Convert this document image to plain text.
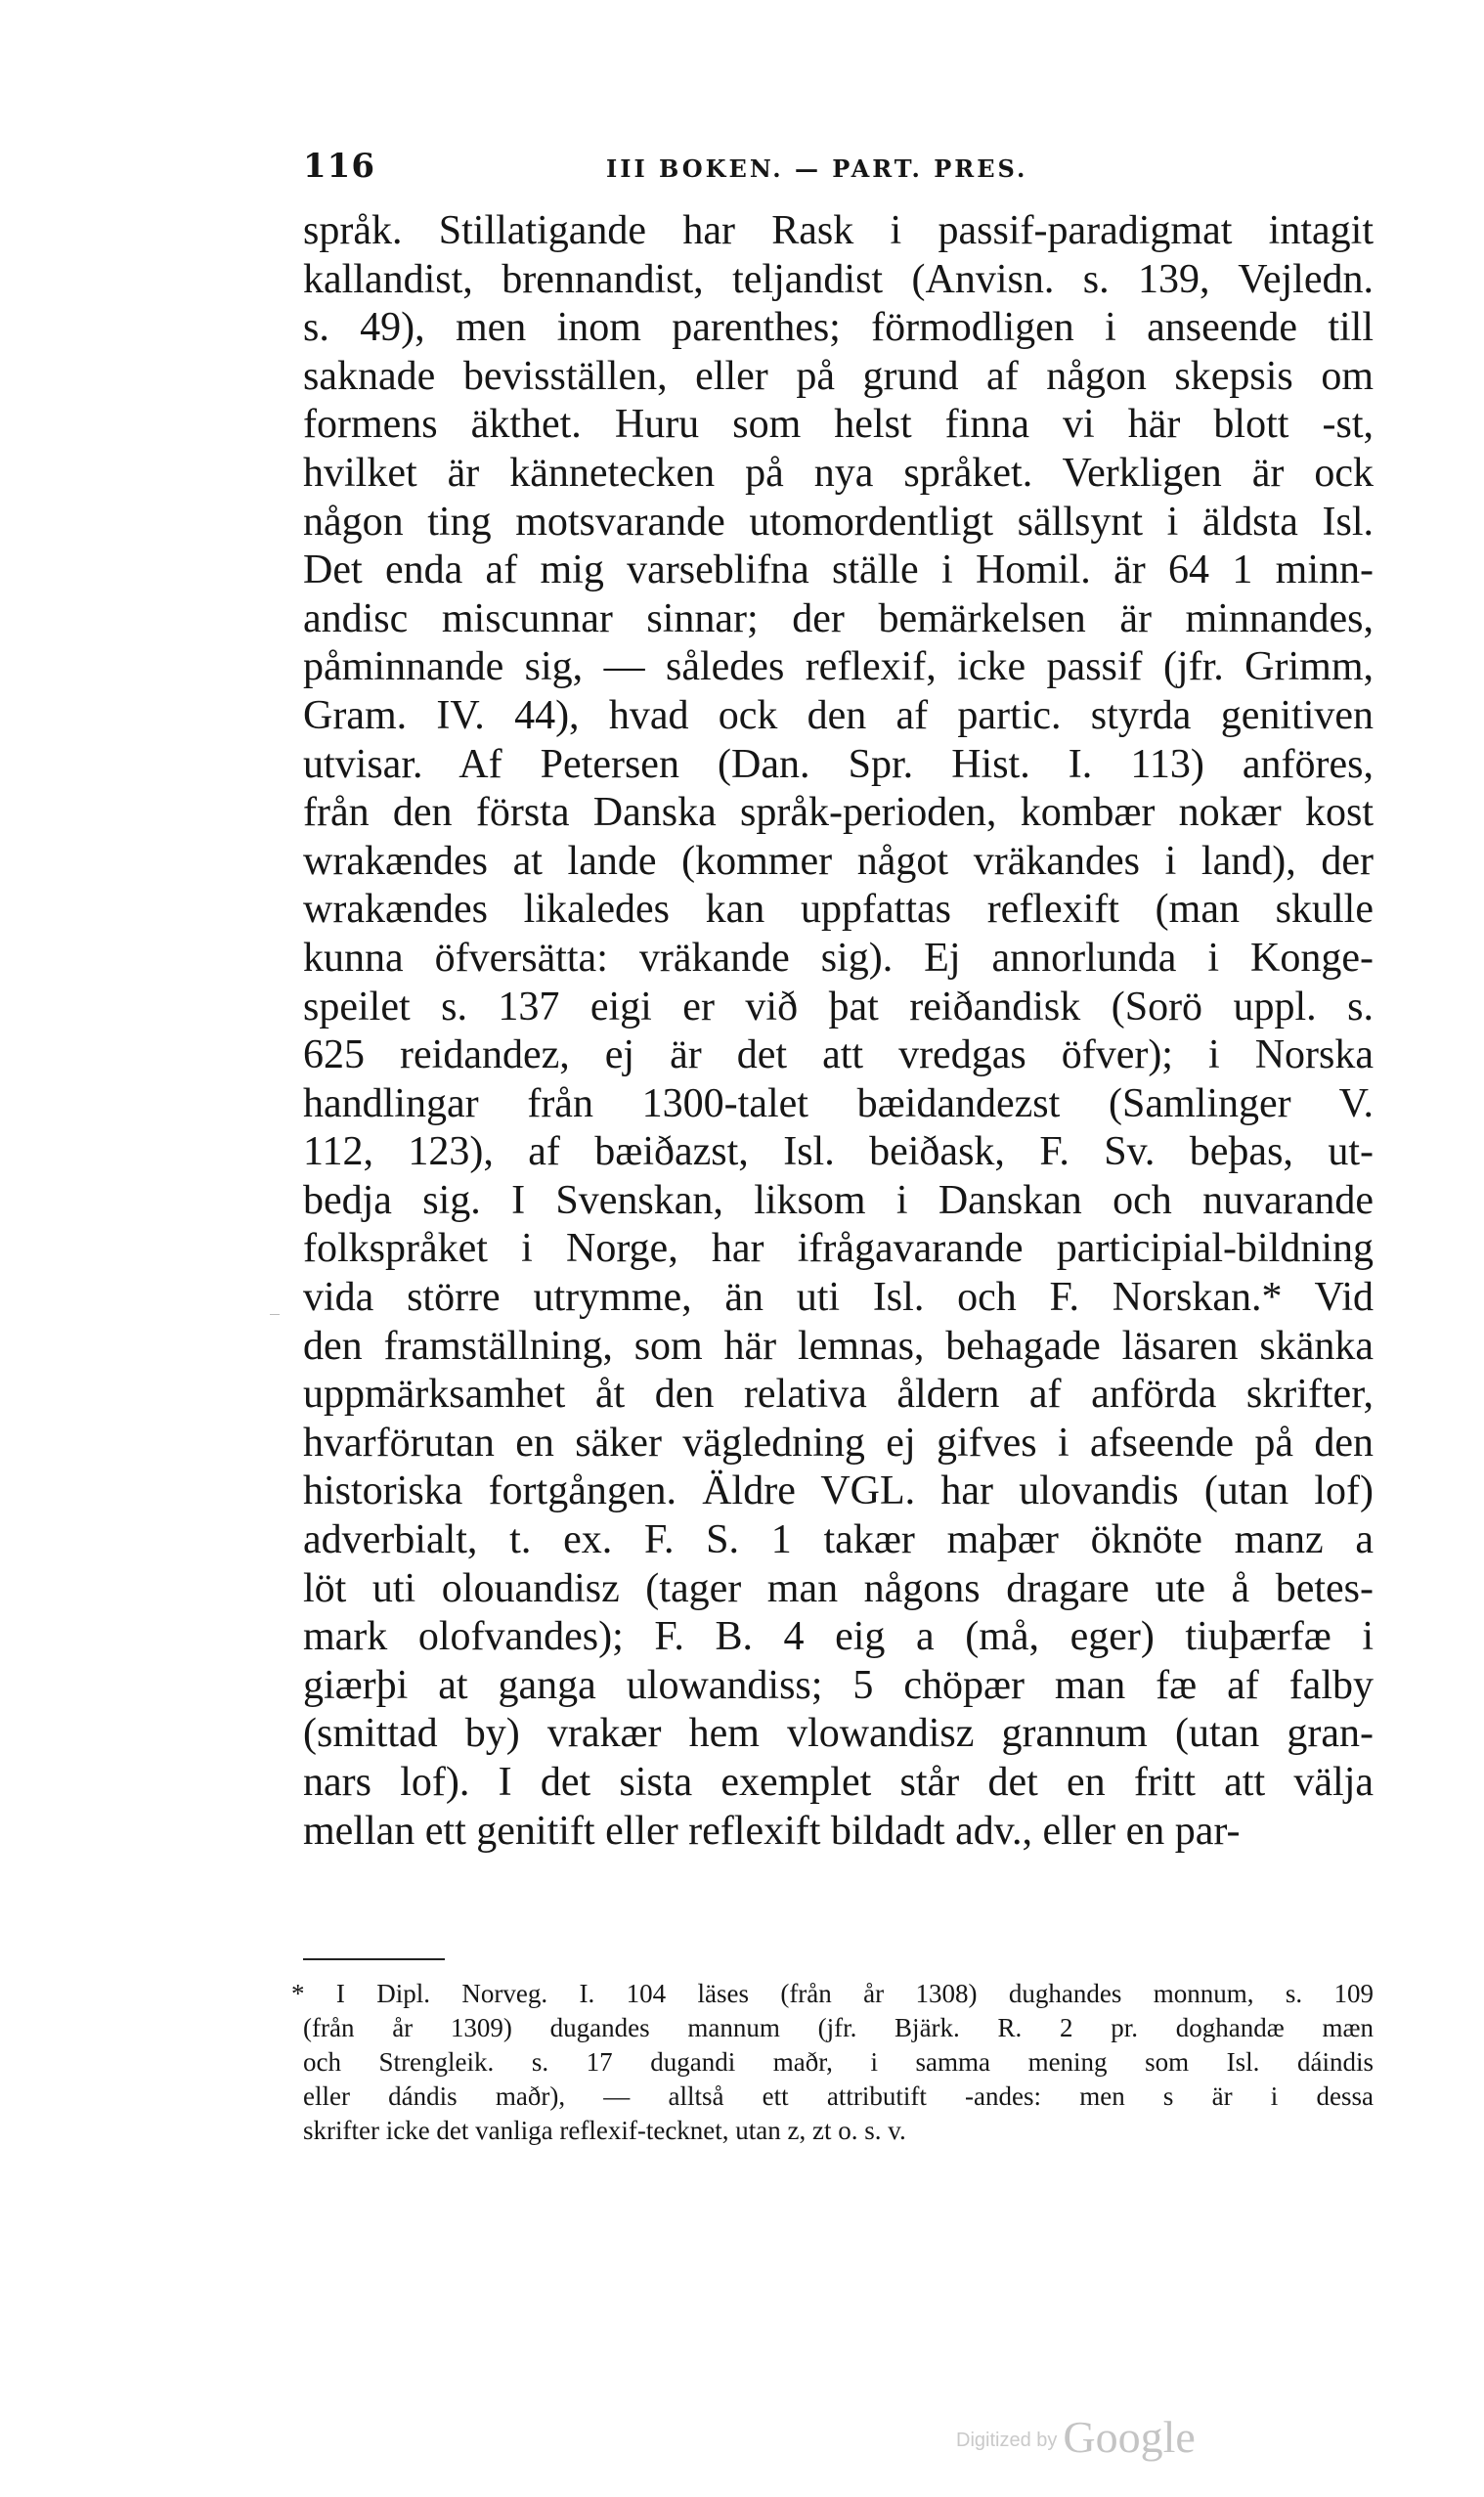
116	III BOKEN. — PART. PRES.
språk. Stillatigande har Rask i passif-paradigmat intagit
kallandist, brennandist, teljandist (Anvisn. s. 139, Vejledn.
s. 49), men inom parenthes; förmodligen i anseende till
saknade bevisställen, eller på grund af någon skepsis om
formens äkthet. Huru som helst finna vi här blott -st,
hvilket är kännetecken på nya språket. Verkligen är ock
någon ting motsvarande utomordentligt sällsynt i äldsta Isl.
Det enda af mig varseblifna ställe i Homil. är 64 1 minn-
andisc miscunnar sinnar; der bemärkelsen är minnandes,
påminnande sig, — således reflexif, icke passif (jfr. Grimm,
Gram. IV. 44), hvad ock den af partic. styrda genitiven
utvisar. Af Petersen (Dan. Spr. Hist. I. 113) anföres,
från den första Danska språk-perioden, kombær nokær kost
wrakændes at lande (kommer något vräkandes i land), der
wrakændes likaledes kan uppfattas reflexift (man skulle
kunna öfversätta: vräkande sig). Ej annorlunda i Konge-
speilet s. 137 eigi er við þat reiðandisk (Sorö uppl. s.
625 reidandez, ej är det att vredgas öfver); i Norska
handlingar från 1300-talet bæidandezst (Samlinger V.
112, 123), af bæiðazst, Isl. beiðask, F. Sv. beþas, ut-
bedja sig. I Svenskan, liksom i Danskan och nuvarande
folkspråket i Norge, har ifrågavarande participial-bildning
vida större utrymme, än uti Isl. och F. Norskan.* Vid
den framställning, som här lemnas, behagade läsaren skänka
uppmärksamhet åt den relativa åldern af anförda skrifter,
hvarförutan en säker vägledning ej gifves i afseende på den
historiska fortgången. Äldre VGL. har ulovandis (utan lof)
adverbialt, t. ex. F. S. 1 takær maþær öknöte manz a
löt uti olouandisz (tager man någons dragare ute å betes-
mark olofvandes); F. B. 4 eig a (må, eger) tiuþærfæ i
giærþi at ganga ulowandiss; 5 chöpær man fæ af falby
(smittad by) vrakær hem vlowandisz grannum (utan gran-
nars lof). I det sista exemplet står det en fritt att välja
mellan ett genitift eller reflexift bildadt adv., eller en par-
* I Dipl. Norveg. I. 104 läses (från år 1308) dughandes monnum, s. 109
(från år 1309) dugandes mannum (jfr. Bjärk. R. 2 pr. doghandæ mæn
och Strengleik. s. 17 dugandi maðr, i samma mening som Isl. dáindis
eller dándis maðr), — alltså ett attributift -andes: men s är i dessa
skrifter icke det vanliga reflexif-tecknet, utan z, zt o. s. v.
Digitized by Google
